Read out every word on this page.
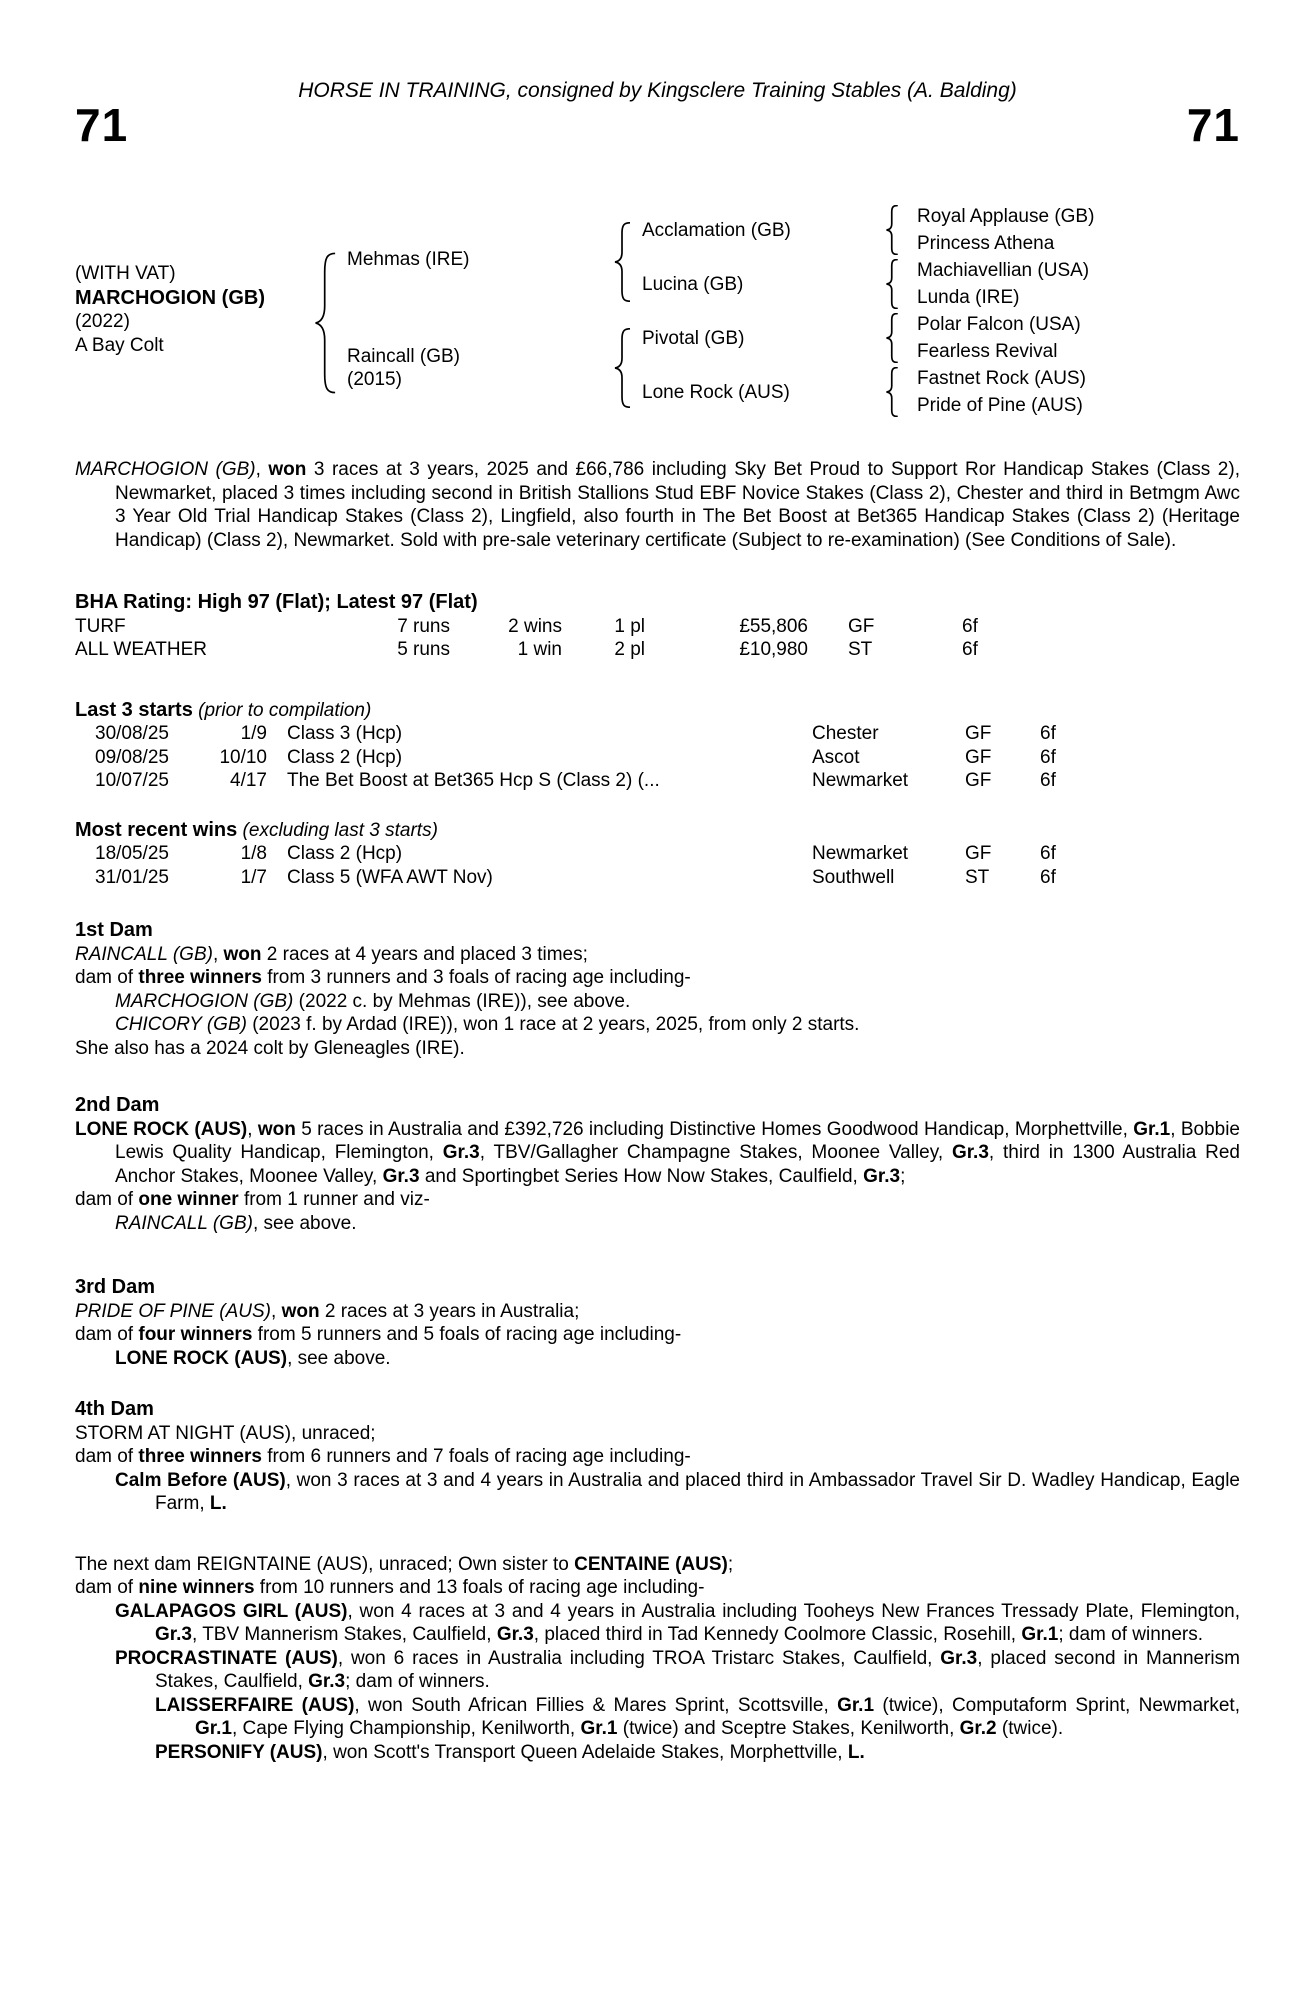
HORSE IN TRAINING, consigned by Kingsclere Training Stables (A. Balding)
71	71
(WITH VAT)
MARCHOGION (GB)
(2022)
A Bay Colt
Mehmas (IRE)
Raincall (GB)
(2015)
Acclamation (GB)
Lucina (GB)
Pivotal (GB)
Lone Rock (AUS)
Royal Applause (GB)
Princess Athena
Machiavellian (USA)
Lunda (IRE)
Polar Falcon (USA)
Fearless Revival
Fastnet Rock (AUS)
Pride of Pine (AUS)
MARCHOGION (GB), won 3 races at 3 years, 2025 and £66,786 including Sky Bet Proud to Support Ror Handicap Stakes (Class 2), Newmarket, placed 3 times including second in British Stallions Stud EBF Novice Stakes (Class 2), Chester and third in Betmgm Awc 3 Year Old Trial Handicap Stakes (Class 2), Lingfield, also fourth in The Bet Boost at Bet365 Handicap Stakes (Class 2) (Heritage Handicap) (Class 2), Newmarket. Sold with pre-sale veterinary certificate (Subject to re-examination) (See Conditions of Sale).
BHA Rating: High 97 (Flat); Latest 97 (Flat)
TURF	7 runs	2 wins	1 pl	£55,806 GF	6f
ALL WEATHER	5 runs	1 win	2 pl	£10,980 ST	6f
Last 3 starts (prior to compilation)
30/08/25	1/9 Class 3 (Hcp)	Chester	GF	6f
09/08/25	10/10 Class 2 (Hcp)	Ascot	GF	6f
10/07/25	4/17 The Bet Boost at Bet365 Hcp S (Class 2) (...	Newmarket	GF	6f
Most recent wins (excluding last 3 starts)
18/05/25	1/8 Class 2 (Hcp)	Newmarket	GF	6f
31/01/25	1/7 Class 5 (WFA AWT Nov)	Southwell	ST	6f
1st Dam
RAINCALL (GB), won 2 races at 4 years and placed 3 times;
dam of three winners from 3 runners and 3 foals of racing age including-
MARCHOGION (GB) (2022 c. by Mehmas (IRE)), see above.
CHICORY (GB) (2023 f. by Ardad (IRE)), won 1 race at 2 years, 2025, from only 2 starts.
She also has a 2024 colt by Gleneagles (IRE).
2nd Dam
LONE ROCK (AUS), won 5 races in Australia and £392,726 including Distinctive Homes Goodwood Handicap, Morphettville, Gr.1, Bobbie Lewis Quality Handicap, Flemington, Gr.3, TBV/Gallagher Champagne Stakes, Moonee Valley, Gr.3, third in 1300 Australia Red Anchor Stakes, Moonee Valley, Gr.3 and Sportingbet Series How Now Stakes, Caulfield, Gr.3;
dam of one winner from 1 runner and viz-
RAINCALL (GB), see above.
3rd Dam
PRIDE OF PINE (AUS), won 2 races at 3 years in Australia;
dam of four winners from 5 runners and 5 foals of racing age including-
LONE ROCK (AUS), see above.
4th Dam
STORM AT NIGHT (AUS), unraced;
dam of three winners from 6 runners and 7 foals of racing age including-
Calm Before (AUS), won 3 races at 3 and 4 years in Australia and placed third in Ambassador Travel Sir D. Wadley Handicap, Eagle Farm, L.
The next dam REIGNTAINE (AUS), unraced; Own sister to CENTAINE (AUS);
dam of nine winners from 10 runners and 13 foals of racing age including-
GALAPAGOS GIRL (AUS), won 4 races at 3 and 4 years in Australia including Tooheys New Frances Tressady Plate, Flemington, Gr.3, TBV Mannerism Stakes, Caulfield, Gr.3, placed third in Tad Kennedy Coolmore Classic, Rosehill, Gr.1; dam of winners.
PROCRASTINATE (AUS), won 6 races in Australia including TROA Tristarc Stakes, Caulfield, Gr.3, placed second in Mannerism Stakes, Caulfield, Gr.3; dam of winners.
LAISSERFAIRE (AUS), won South African Fillies & Mares Sprint, Scottsville, Gr.1 (twice), Computaform Sprint, Newmarket, Gr.1, Cape Flying Championship, Kenilworth, Gr.1 (twice) and Sceptre Stakes, Kenilworth, Gr.2 (twice).
PERSONIFY (AUS), won Scott's Transport Queen Adelaide Stakes, Morphettville, L.
